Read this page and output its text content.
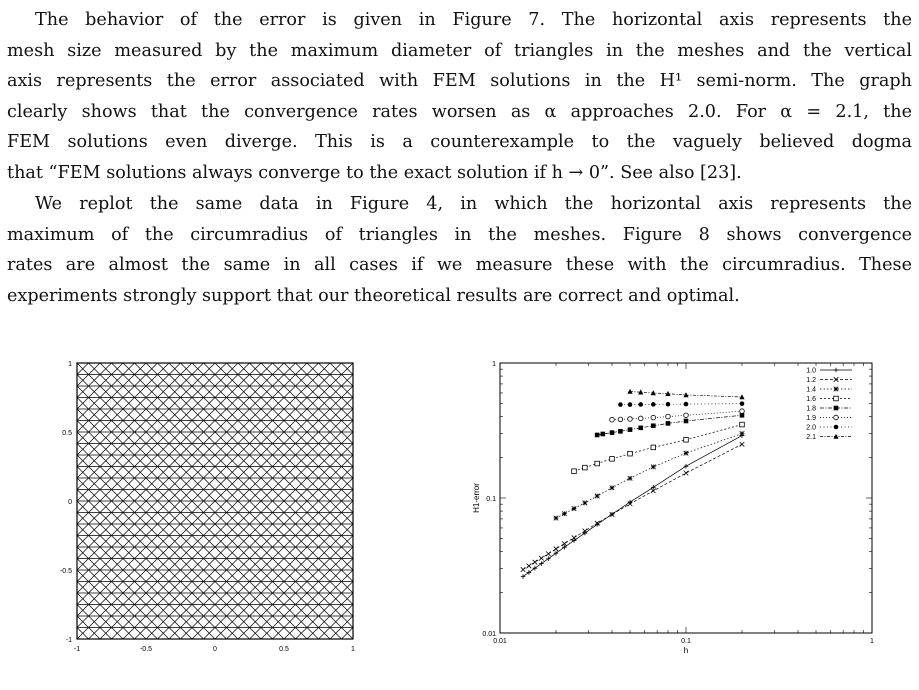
The behavior of the error is given in Figure 7. The horizontal axis represents the
mesh size measured by the maximum diameter of triangles in the meshes and the vertical
axis represents the error associated with FEM solutions in the H¹ semi-norm. The graph
clearly shows that the convergence rates worsen as α approaches 2.0. For α = 2.1, the
FEM solutions even diverge. This is a counterexample to the vaguely believed dogma
that “FEM solutions always converge to the exact solution if h → 0”. See also [23].
We replot the same data in Figure 4, in which the horizontal axis represents the
maximum of the circumradius of triangles in the meshes. Figure 8 shows convergence
rates are almost the same in all cases if we measure these with the circumradius. These
experiments strongly support that our theoretical results are correct and optimal.
-1	-0.5	0	0.5	1
1
0.5
0
-0.5
-1	0.01	0.1	1
0.01
0.1
1
1.0
1.2
1.4
1.6
1.8
1.9
2.0
2.1
h
H1-error
